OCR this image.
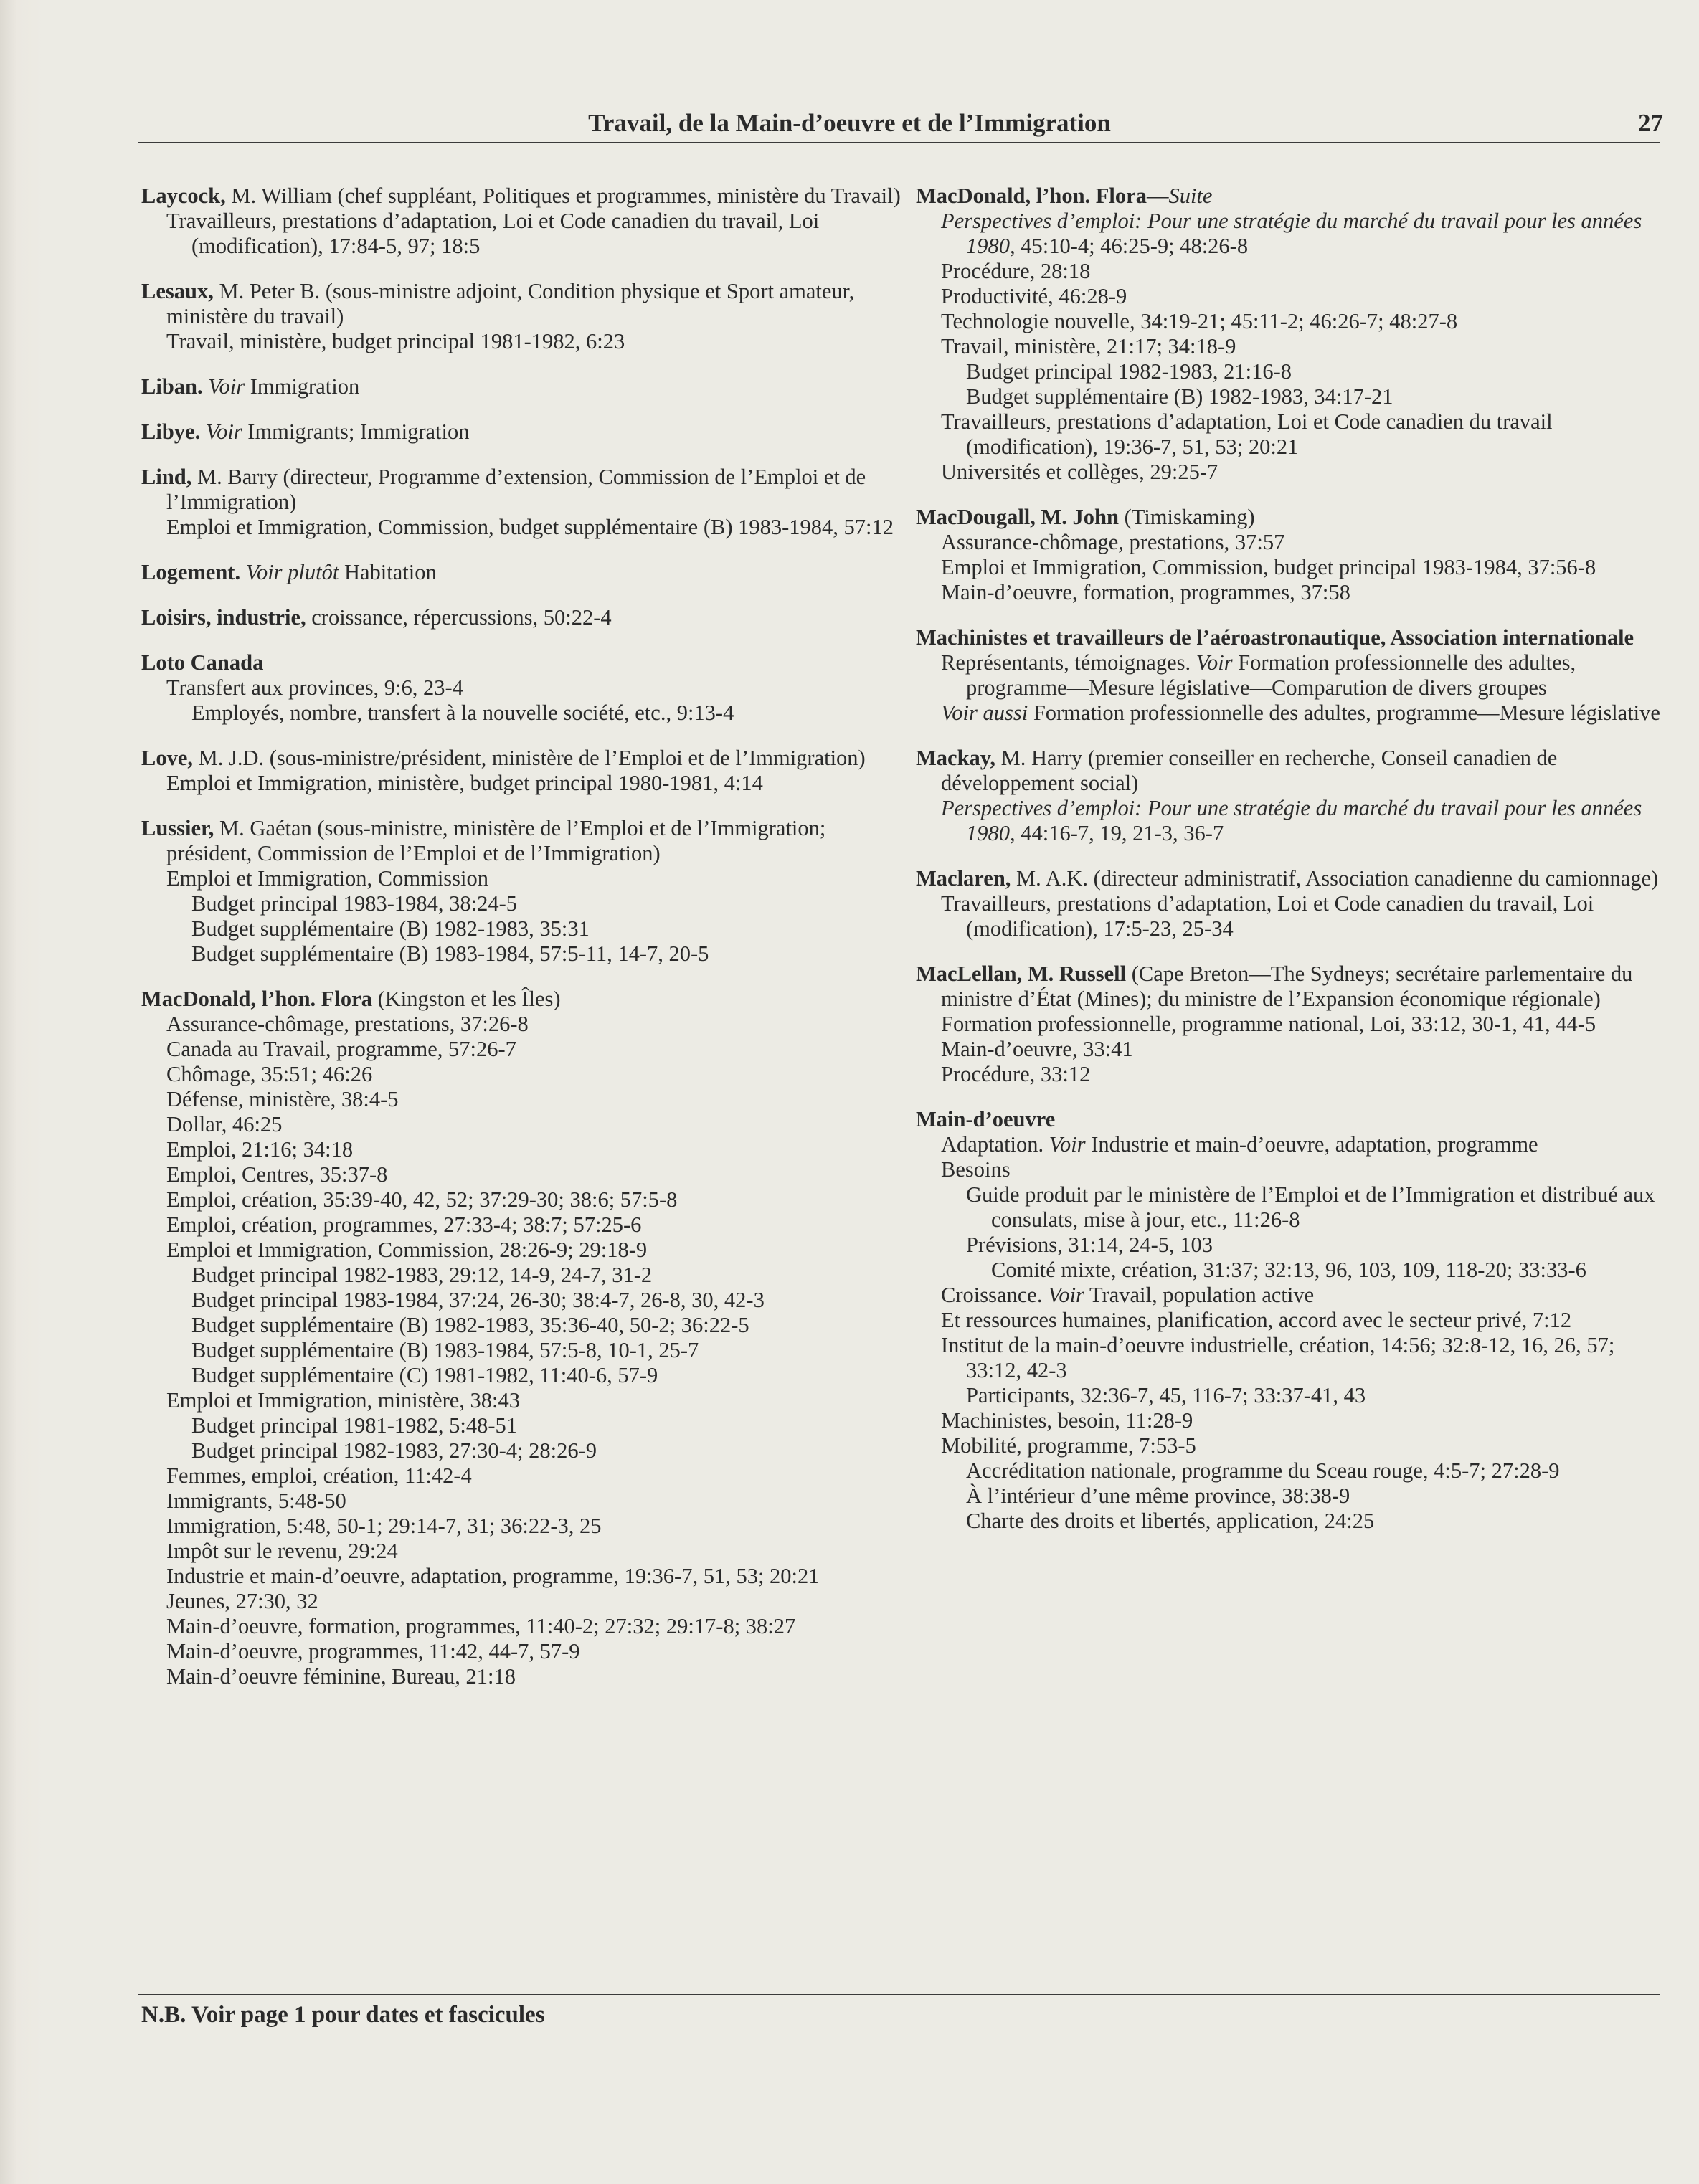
Travail, de la Main-d’oeuvre et de l’Immigration	27
Laycock, M. William (chef suppléant, Politiques et programmes, ministère du Travail)
Travailleurs, prestations d’adaptation, Loi et Code canadien du travail, Loi (modification), 17:84-5, 97; 18:5
Lesaux, M. Peter B. (sous-ministre adjoint, Condition physique et Sport amateur, ministère du travail)
Travail, ministère, budget principal 1981-1982, 6:23
Liban. Voir Immigration
Libye. Voir Immigrants; Immigration
Lind, M. Barry (directeur, Programme d’extension, Commission de l’Emploi et de l’Immigration)
Emploi et Immigration, Commission, budget supplémentaire (B) 1983-1984, 57:12
Logement. Voir plutôt Habitation
Loisirs, industrie, croissance, répercussions, 50:22-4
Loto Canada
Transfert aux provinces, 9:6, 23-4
Employés, nombre, transfert à la nouvelle société, etc., 9:13-4
Love, M. J.D. (sous-ministre/président, ministère de l’Emploi et de l’Immigration)
Emploi et Immigration, ministère, budget principal 1980-1981, 4:14
Lussier, M. Gaétan (sous-ministre, ministère de l’Emploi et de l’Immigration; président, Commission de l’Emploi et de l’Immigration)
Emploi et Immigration, Commission
Budget principal 1983-1984, 38:24-5
Budget supplémentaire (B) 1982-1983, 35:31
Budget supplémentaire (B) 1983-1984, 57:5-11, 14-7, 20-5
MacDonald, l’hon. Flora (Kingston et les Îles)
Assurance-chômage, prestations, 37:26-8
Canada au Travail, programme, 57:26-7
Chômage, 35:51; 46:26
Défense, ministère, 38:4-5
Dollar, 46:25
Emploi, 21:16; 34:18
Emploi, Centres, 35:37-8
Emploi, création, 35:39-40, 42, 52; 37:29-30; 38:6; 57:5-8
Emploi, création, programmes, 27:33-4; 38:7; 57:25-6
Emploi et Immigration, Commission, 28:26-9; 29:18-9
Budget principal 1982-1983, 29:12, 14-9, 24-7, 31-2
Budget principal 1983-1984, 37:24, 26-30; 38:4-7, 26-8, 30, 42-3
Budget supplémentaire (B) 1982-1983, 35:36-40, 50-2; 36:22-5
Budget supplémentaire (B) 1983-1984, 57:5-8, 10-1, 25-7
Budget supplémentaire (C) 1981-1982, 11:40-6, 57-9
Emploi et Immigration, ministère, 38:43
Budget principal 1981-1982, 5:48-51
Budget principal 1982-1983, 27:30-4; 28:26-9
Femmes, emploi, création, 11:42-4
Immigrants, 5:48-50
Immigration, 5:48, 50-1; 29:14-7, 31; 36:22-3, 25
Impôt sur le revenu, 29:24
Industrie et main-d’oeuvre, adaptation, programme, 19:36-7, 51, 53; 20:21
Jeunes, 27:30, 32
Main-d’oeuvre, formation, programmes, 11:40-2; 27:32; 29:17-8; 38:27
Main-d’oeuvre, programmes, 11:42, 44-7, 57-9
Main-d’oeuvre féminine, Bureau, 21:18
MacDonald, l’hon. Flora—Suite
Perspectives d’emploi: Pour une stratégie du marché du travail pour les années 1980, 45:10-4; 46:25-9; 48:26-8
Procédure, 28:18
Productivité, 46:28-9
Technologie nouvelle, 34:19-21; 45:11-2; 46:26-7; 48:27-8
Travail, ministère, 21:17; 34:18-9
Budget principal 1982-1983, 21:16-8
Budget supplémentaire (B) 1982-1983, 34:17-21
Travailleurs, prestations d’adaptation, Loi et Code canadien du travail (modification), 19:36-7, 51, 53; 20:21
Universités et collèges, 29:25-7
MacDougall, M. John (Timiskaming)
Assurance-chômage, prestations, 37:57
Emploi et Immigration, Commission, budget principal 1983-1984, 37:56-8
Main-d’oeuvre, formation, programmes, 37:58
Machinistes et travailleurs de l’aéroastronautique, Association internationale
Représentants, témoignages. Voir Formation professionnelle des adultes, programme—Mesure législative—Comparution de divers groupes
Voir aussi Formation professionnelle des adultes, programme—Mesure législative
Mackay, M. Harry (premier conseiller en recherche, Conseil canadien de développement social)
Perspectives d’emploi: Pour une stratégie du marché du travail pour les années 1980, 44:16-7, 19, 21-3, 36-7
Maclaren, M. A.K. (directeur administratif, Association canadienne du camionnage)
Travailleurs, prestations d’adaptation, Loi et Code canadien du travail, Loi (modification), 17:5-23, 25-34
MacLellan, M. Russell (Cape Breton—The Sydneys; secrétaire parlementaire du ministre d’État (Mines); du ministre de l’Expansion économique régionale)
Formation professionnelle, programme national, Loi, 33:12, 30-1, 41, 44-5
Main-d’oeuvre, 33:41
Procédure, 33:12
Main-d’oeuvre
Adaptation. Voir Industrie et main-d’oeuvre, adaptation, programme
Besoins
Guide produit par le ministère de l’Emploi et de l’Immigration et distribué aux consulats, mise à jour, etc., 11:26-8
Prévisions, 31:14, 24-5, 103
Comité mixte, création, 31:37; 32:13, 96, 103, 109, 118-20; 33:33-6
Croissance. Voir Travail, population active
Et ressources humaines, planification, accord avec le secteur privé, 7:12
Institut de la main-d’oeuvre industrielle, création, 14:56; 32:8-12, 16, 26, 57; 33:12, 42-3
Participants, 32:36-7, 45, 116-7; 33:37-41, 43
Machinistes, besoin, 11:28-9
Mobilité, programme, 7:53-5
Accréditation nationale, programme du Sceau rouge, 4:5-7; 27:28-9
À l’intérieur d’une même province, 38:38-9
Charte des droits et libertés, application, 24:25
N.B. Voir page 1 pour dates et fascicules
